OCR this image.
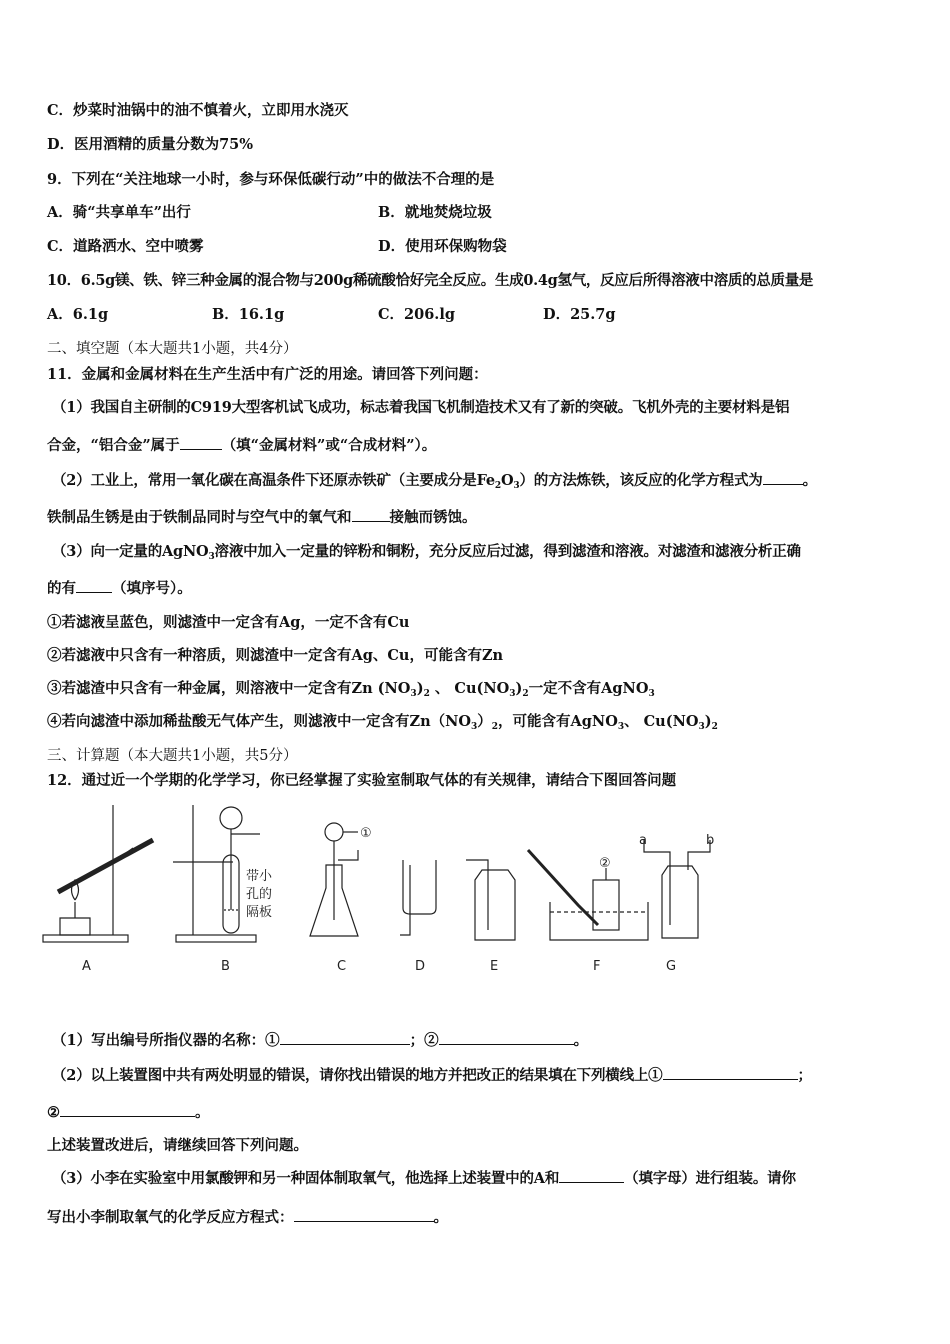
C．炒菜时油锅中的油不慎着火，立即用水浇灭
D．医用酒精的质量分数为75%
9．下列在“关注地球一小时，参与环保低碳行动”中的做法不合理的是
A．骑“共享单车”出行	B．就地焚烧垃圾
C．道路洒水、空中喷雾	D．使用环保购物袋
10．6.5g镁、铁、锌三种金属的混合物与200g稀硫酸恰好完全反应。生成0.4g氢气，反应后所得溶液中溶质的总质量是
A．6.1g	B．16.1g	C．206.lg	D．25.7g
二、填空题（本大题共1小题，共4分）
11．金属和金属材料在生产生活中有广泛的用途。请回答下列问题：
（1）我国自主研制的C919大型客机试飞成功，标志着我国飞机制造技术又有了新的突破。飞机外壳的主要材料是铝
合金，“铝合金”属于	（填“金属材料”或“合成材料”）。
（2）工业上，常用一氧化碳在高温条件下还原赤铁矿（主要成分是$Fe_2O_3$）的方法炼铁，该反应的化学方程式为	。
铁制品生锈是由于铁制品同时与空气中的氧气和	接触而锈蚀。
（3）向一定量的AgNO$_3$溶液中加入一定量的锌粉和铜粉，充分反应后过滤，得到滤渣和溶液。对滤渣和滤液分析正确
的有 （填序号）。
①若滤液呈蓝色，则滤渣中一定含有Ag，一定不含有Cu
②若滤液中只含有一种溶质，则滤渣中一定含有Ag、Cu，可能含有Zn
③若滤渣中只含有一种金属，则溶液中一定含有Zn $(NO_3)_2$ 、 $Cu(NO_3)_2$一定不含有AgNO$_3$
④若向滤渣中添加稀盐酸无气体产生，则滤液中一定含有$Zn(NO_3)_2$，可能含有AgNO$_3$、 $Cu(NO_3)_2$
三、计算题（本大题共1小题，共5分）
12．通过近一个学期的化学学习，你已经掌握了实验室制取气体的有关规律，请结合下图回答问题
带小
孔的
隔板
①
②
a	b
A	B	C	D	E	F	G
（1）写出编号所指仪器的名称：①	；②	。
（2）以上装置图中共有两处明显的错误，请你找出错误的地方并把改正的结果填在下列横线上①	；
②	。
上述装置改进后，请继续回答下列问题。
（3）小李在实验室中用氯酸钾和另一种固体制取氧气，他选择上述装置中的A和	（填字母）进行组装。请你
写出小李制取氧气的化学反应方程式：	。
